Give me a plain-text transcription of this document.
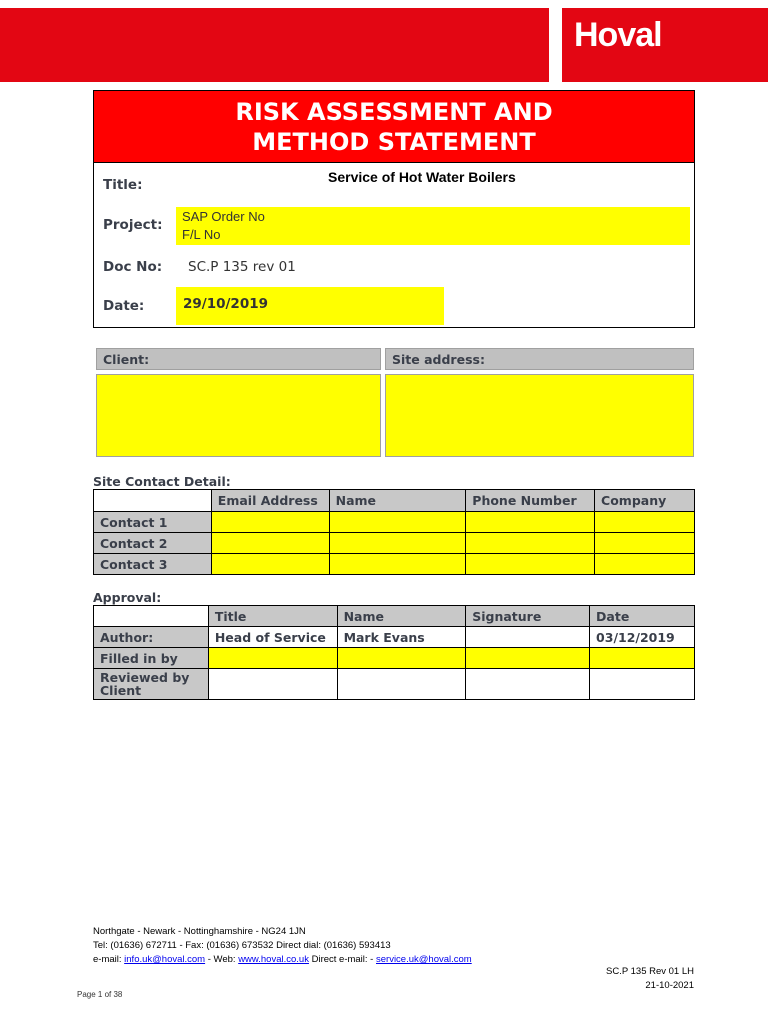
Hoval
RISK ASSESSMENT AND
METHOD STATEMENT
Title:	Service of Hot Water Boilers
Project:
SAP Order No
F/L No
Doc No: SC.P 135 rev 01
Date:	29/10/2019
Client:	Site address:
Site Contact Detail:
	Email Address	Name	Phone Number	Company
Contact 1				
Contact 2				
Contact 3				
Approval:
	Title	Name	Signature	Date
Author:	Head of Service	Mark Evans		03/12/2019
Filled in by				
Reviewed by Client				
Northgate - Newark - Nottinghamshire - NG24 1JN
Tel: (01636) 672711 - Fax: (01636) 673532 Direct dial: (01636) 593413
e-mail: info.uk@hoval.com - Web: www.hoval.co.uk Direct e-mail: - service.uk@hoval.com
SC.P 135 Rev 01 LH
21-10-2021
Page 1 of 38
